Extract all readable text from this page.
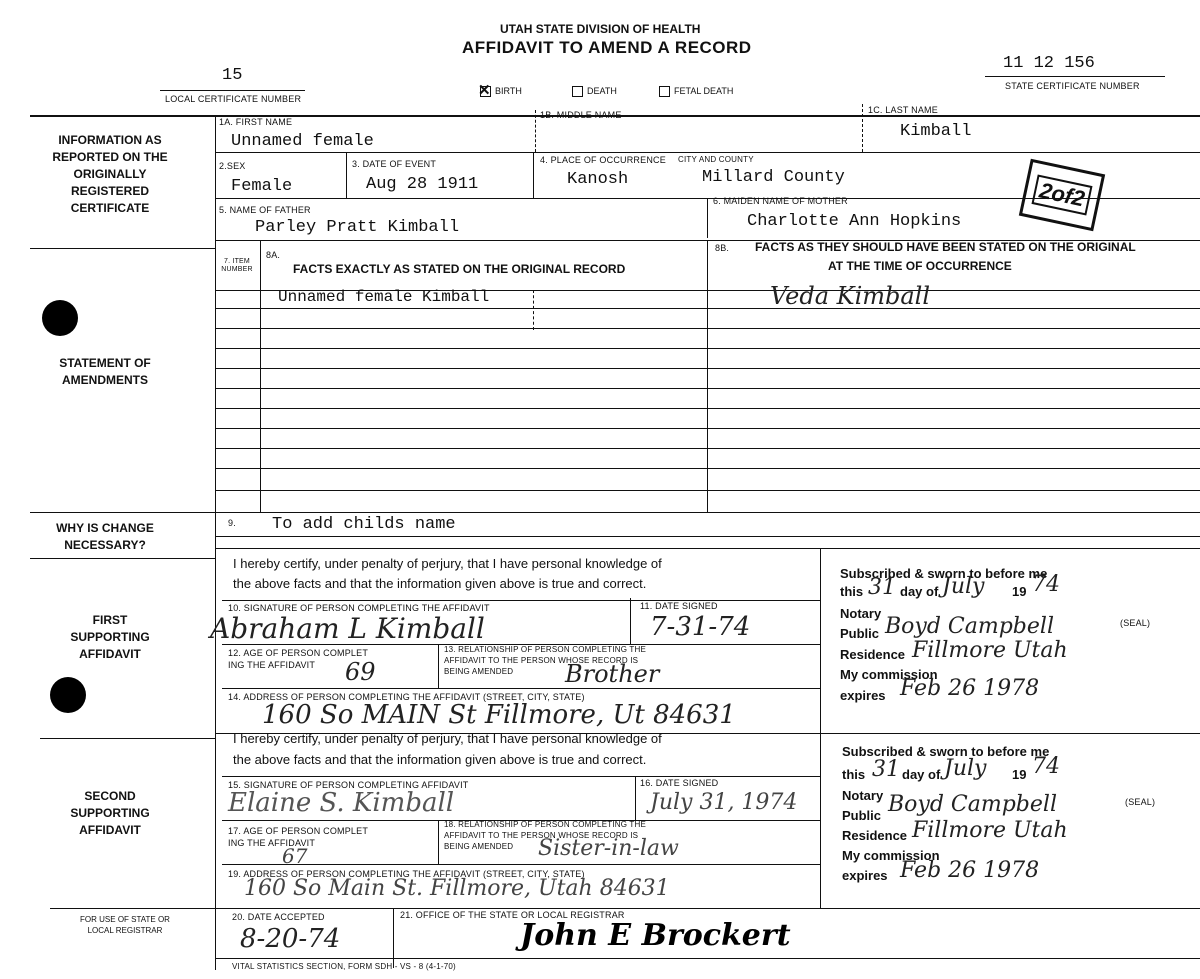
UTAH STATE DIVISION OF HEALTH
AFFIDAVIT TO AMEND A RECORD
15
LOCAL CERTIFICATE NUMBER
11 12 156
STATE CERTIFICATE NUMBER
✕ BIRTH	DEATH	FETAL DEATH
INFORMATION AS REPORTED ON THE ORIGINALLY REGISTERED CERTIFICATE
STATEMENT OF AMENDMENTS
WHY IS CHANGE NECESSARY?
FIRST SUPPORTING AFFIDAVIT
SECOND SUPPORTING AFFIDAVIT
FOR USE OF STATE OR LOCAL REGISTRAR
1A. FIRST NAME
Unnamed female
1B. MIDDLE NAME	1C. LAST NAME
Kimball
2.SEX
Female
3. DATE OF EVENT
Aug 28 1911
4. PLACE OF OCCURRENCE CITY AND COUNTY
Kanosh	Millard County
5. NAME OF FATHER
Parley Pratt Kimball
6. MAIDEN NAME OF MOTHER
Charlotte Ann Hopkins
2of2
7. ITEM NUMBER
8A.
FACTS EXACTLY AS STATED ON THE ORIGINAL RECORD
8B. FACTS AS THEY SHOULD HAVE BEEN STATED ON THE ORIGINAL
AT THE TIME OF OCCURRENCE
Unnamed female Kimball	Veda Kimball
9. To add childs name
I hereby certify, under penalty of perjury, that I have personal knowledge of
the above facts and that the information given above is true and correct.
10. SIGNATURE OF PERSON COMPLETING THE AFFIDAVIT
Abraham L Kimball
11. DATE SIGNED
7-31-74
12. AGE OF PERSON COMPLET
ING THE AFFIDAVIT 69
13. RELATIONSHIP OF PERSON COMPLETING THE
AFFIDAVIT TO THE PERSON WHOSE RECORD IS
BEING AMENDED Brother
14. ADDRESS OF PERSON COMPLETING THE AFFIDAVIT (STREET, CITY, STATE)
160 So MAIN St Fillmore, Ut 84631
Subscribed & sworn to before me
this 31 day of July 19 74
Notary
Public Boyd Campbell	(SEAL)
Residence Fillmore Utah
My commission
expires Feb 26 1978
I hereby certify, under penalty of perjury, that I have personal knowledge of
the above facts and that the information given above is true and correct.
15. SIGNATURE OF PERSON COMPLETING AFFIDAVIT
Elaine S. Kimball
16. DATE SIGNED
July 31, 1974
17. AGE OF PERSON COMPLET
ING THE AFFIDAVIT
67
18. RELATIONSHIP OF PERSON COMPLETING THE
AFFIDAVIT TO THE PERSON WHOSE RECORD IS
BEING AMENDED Sister-in-law
19. ADDRESS OF PERSON COMPLETING THE AFFIDAVIT (STREET, CITY, STATE)
160 So Main St. Fillmore, Utah 84631
Subscribed & sworn to before me
this 31 day of July 19 74
Notary
Public Boyd Campbell	(SEAL)
Residence Fillmore Utah
My commission
expires Feb 26 1978
20. DATE ACCEPTED
8-20-74
21. OFFICE OF THE STATE OR LOCAL REGISTRAR
John E Brockert
VITAL STATISTICS SECTION, FORM SDH - VS - 8 (4-1-70)
